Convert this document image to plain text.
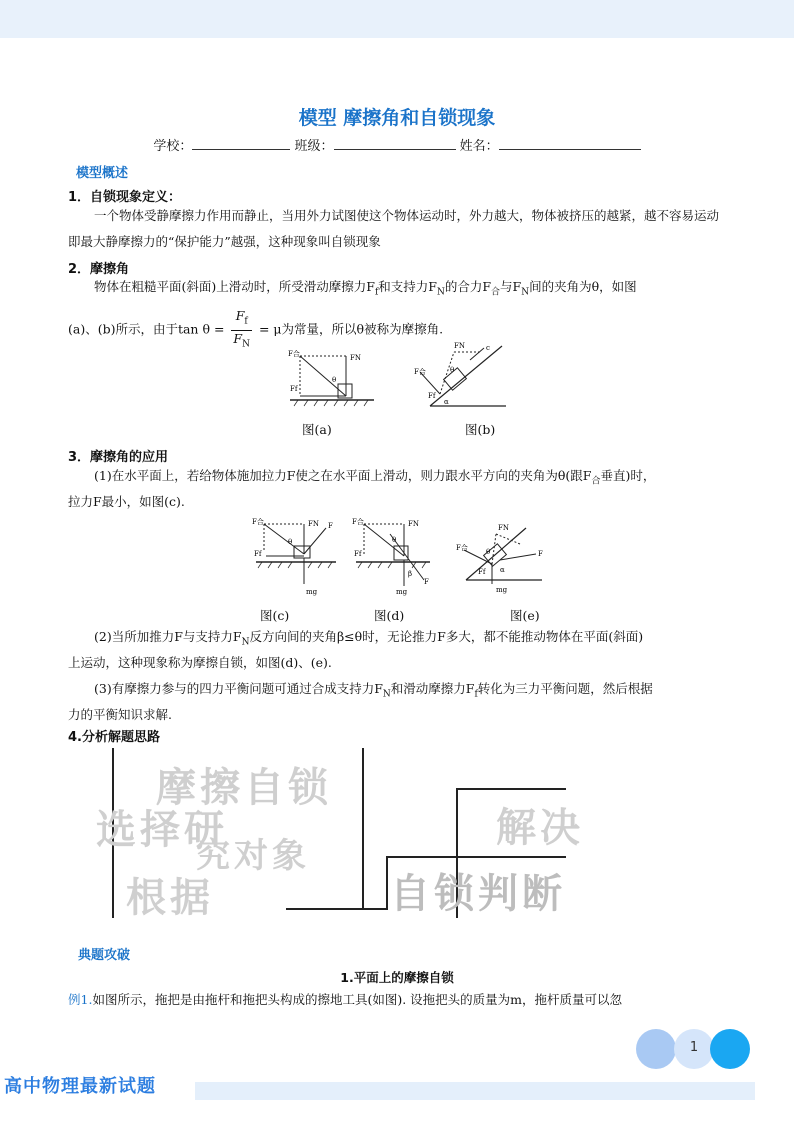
模型 摩擦角和自锁现象
学校：	班级：	姓名：
模型概述
1．自锁现象定义：
一个物体受静摩擦力作用而静止，当用外力试图使这个物体运动时，外力越大，物体被挤压的越紧，越不容易运动即最大静摩擦力的“保护能力”越强，这种现象叫自锁现象
2．摩擦角
物体在粗糙平面(斜面)上滑动时，所受滑动摩擦力$F_f$和支持力$F_N$的合力$F_合$与$F_N$间的夹角为θ，如图
(a)、(b)所示，由于$\tan \theta = \frac{F_f}{F_N} = \mu$为常量，所以θ被称为摩擦角.
F合	FN
Ff
θ
图(a)
F合
FN
Ff
θ
α
c
图(b)
3．摩擦角的应用
(1)在水平面上，若给物体施加拉力F使之在水平面上滑动，则力跟水平方向的夹角为θ(跟$F_合$垂直)时，
拉力F最小，如图(c).
F合	FN F
Ff
θ
mg
图(c)
F合	FN
Ff
θ
β
F
mg
图(d)
F合
FN
Ff
θ
α
F
mg
图(e)
(2)当所加推力F与支持力$F_N$反方向间的夹角β≤θ时，无论推力F多大，都不能推动物体在平面(斜面)
上运动，这种现象称为摩擦自锁，如图(d)、(e).
(3)有摩擦力参与的四力平衡问题可通过合成支持力$F_N$和滑动摩擦力$F_f$转化为三力平衡问题，然后根据
力的平衡知识求解.
4.分析解题思路
摩擦自锁
选择研	解决
究对象
自锁判断
根据
典题攻破
1.平面上的摩擦自锁
例1.如图所示，拖把是由拖杆和拖把头构成的擦地工具(如图). 设拖把头的质量为m，拖杆质量可以忽
1
高中物理最新试题
